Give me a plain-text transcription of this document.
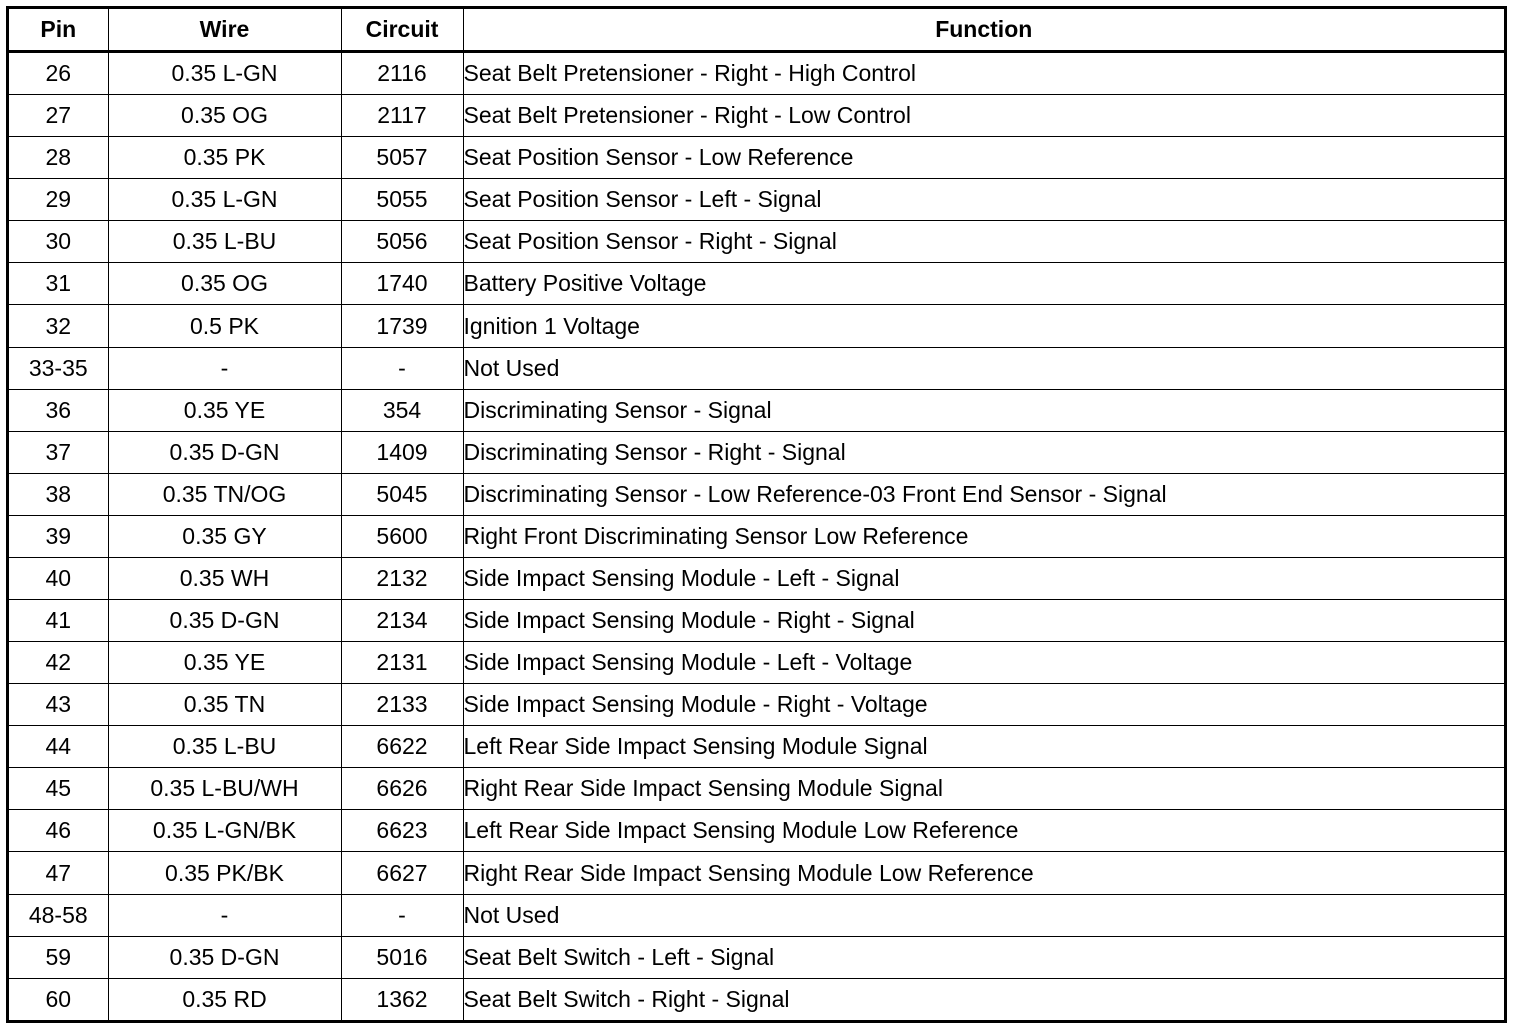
Pin	Wire	Circuit	Function
26	0.35 L-GN	2116	Seat Belt Pretensioner - Right - High Control
27	0.35 OG	2117	Seat Belt Pretensioner - Right - Low Control
28	0.35 PK	5057	Seat Position Sensor - Low Reference
29	0.35 L-GN	5055	Seat Position Sensor - Left - Signal
30	0.35 L-BU	5056	Seat Position Sensor - Right - Signal
31	0.35 OG	1740	Battery Positive Voltage
32	0.5 PK	1739	Ignition 1 Voltage
33-35	-	-	Not Used
36	0.35 YE	354	Discriminating Sensor - Signal
37	0.35 D-GN	1409	Discriminating Sensor - Right - Signal
38	0.35 TN/OG	5045	Discriminating Sensor - Low Reference-03 Front End Sensor - Signal
39	0.35 GY	5600	Right Front Discriminating Sensor Low Reference
40	0.35 WH	2132	Side Impact Sensing Module - Left - Signal
41	0.35 D-GN	2134	Side Impact Sensing Module - Right - Signal
42	0.35 YE	2131	Side Impact Sensing Module - Left - Voltage
43	0.35 TN	2133	Side Impact Sensing Module - Right - Voltage
44	0.35 L-BU	6622	Left Rear Side Impact Sensing Module Signal
45	0.35 L-BU/WH	6626	Right Rear Side Impact Sensing Module Signal
46	0.35 L-GN/BK	6623	Left Rear Side Impact Sensing Module Low Reference
47	0.35 PK/BK	6627	Right Rear Side Impact Sensing Module Low Reference
48-58	-	-	Not Used
59	0.35 D-GN	5016	Seat Belt Switch - Left - Signal
60	0.35 RD	1362	Seat Belt Switch - Right - Signal
